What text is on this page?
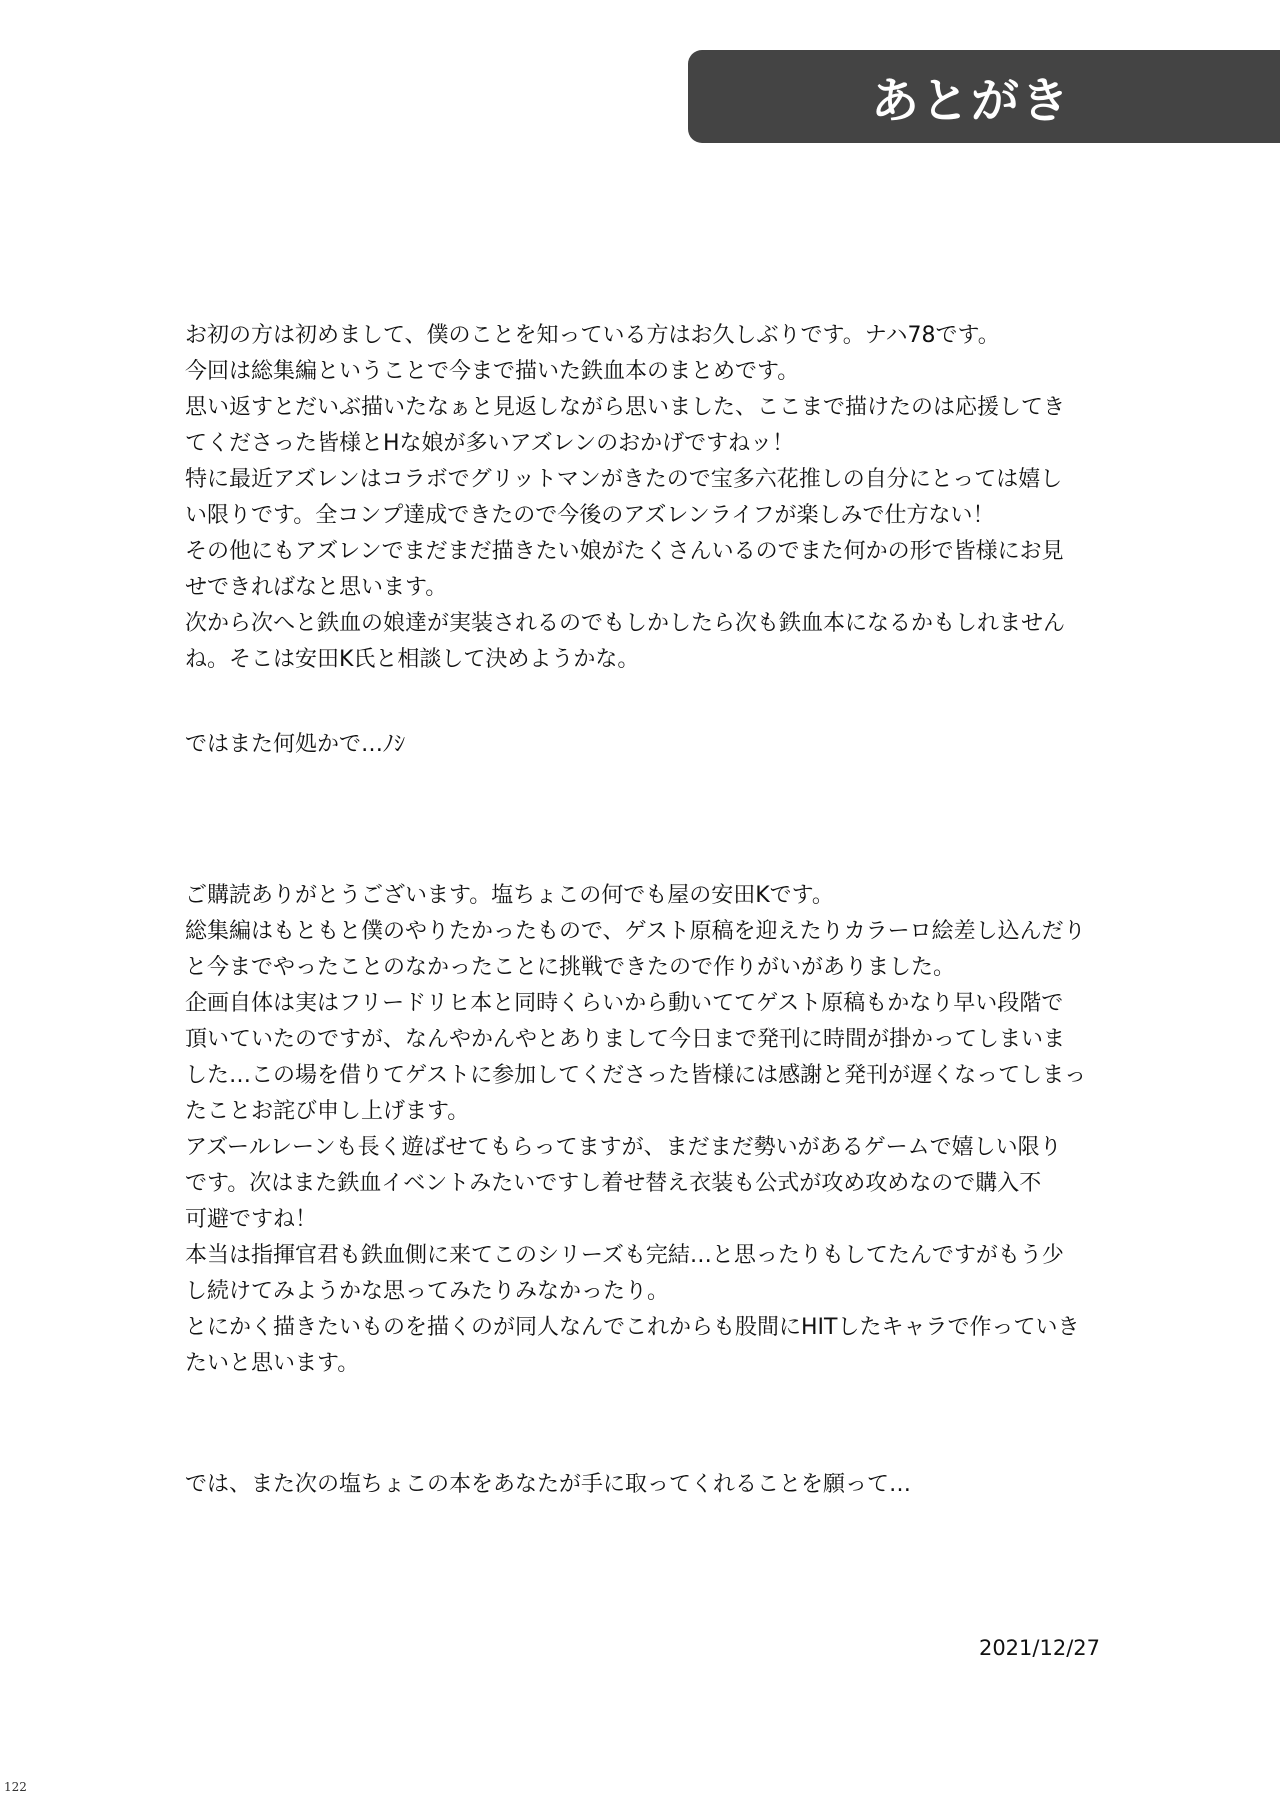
あとがき
お初の方は初めまして、僕のことを知っている方はお久しぶりです。ナハ78です。
今回は総集編ということで今まで描いた鉄血本のまとめです。
思い返すとだいぶ描いたなぁと見返しながら思いました、ここまで描けたのは応援してき
てくださった皆様とHな娘が多いアズレンのおかげですねッ！
特に最近アズレンはコラボでグリットマンがきたので宝多六花推しの自分にとっては嬉し
い限りです。全コンプ達成できたので今後のアズレンライフが楽しみで仕方ない！
その他にもアズレンでまだまだ描きたい娘がたくさんいるのでまた何かの形で皆様にお見
せできればなと思います。
次から次へと鉄血の娘達が実装されるのでもしかしたら次も鉄血本になるかもしれません
ね。そこは安田K氏と相談して決めようかな。
ではまた何処かで…ﾉｼ
ご購読ありがとうございます。塩ちょこの何でも屋の安田Kです。
総集編はもともと僕のやりたかったもので、ゲスト原稿を迎えたりカラーロ絵差し込んだり
と今までやったことのなかったことに挑戦できたので作りがいがありました。
企画自体は実はフリードリヒ本と同時くらいから動いててゲスト原稿もかなり早い段階で
頂いていたのですが、なんやかんやとありまして今日まで発刊に時間が掛かってしまいま
した…この場を借りてゲストに参加してくださった皆様には感謝と発刊が遅くなってしまっ
たことお詫び申し上げます。
アズールレーンも長く遊ばせてもらってますが、まだまだ勢いがあるゲームで嬉しい限り
です。次はまた鉄血イベントみたいですし着せ替え衣装も公式が攻め攻めなので購入不
可避ですね！
本当は指揮官君も鉄血側に来てこのシリーズも完結…と思ったりもしてたんですがもう少
し続けてみようかな思ってみたりみなかったり。
とにかく描きたいものを描くのが同人なんでこれからも股間にHITしたキャラで作っていき
たいと思います。
では、また次の塩ちょこの本をあなたが手に取ってくれることを願って…
2021/12/27
122
